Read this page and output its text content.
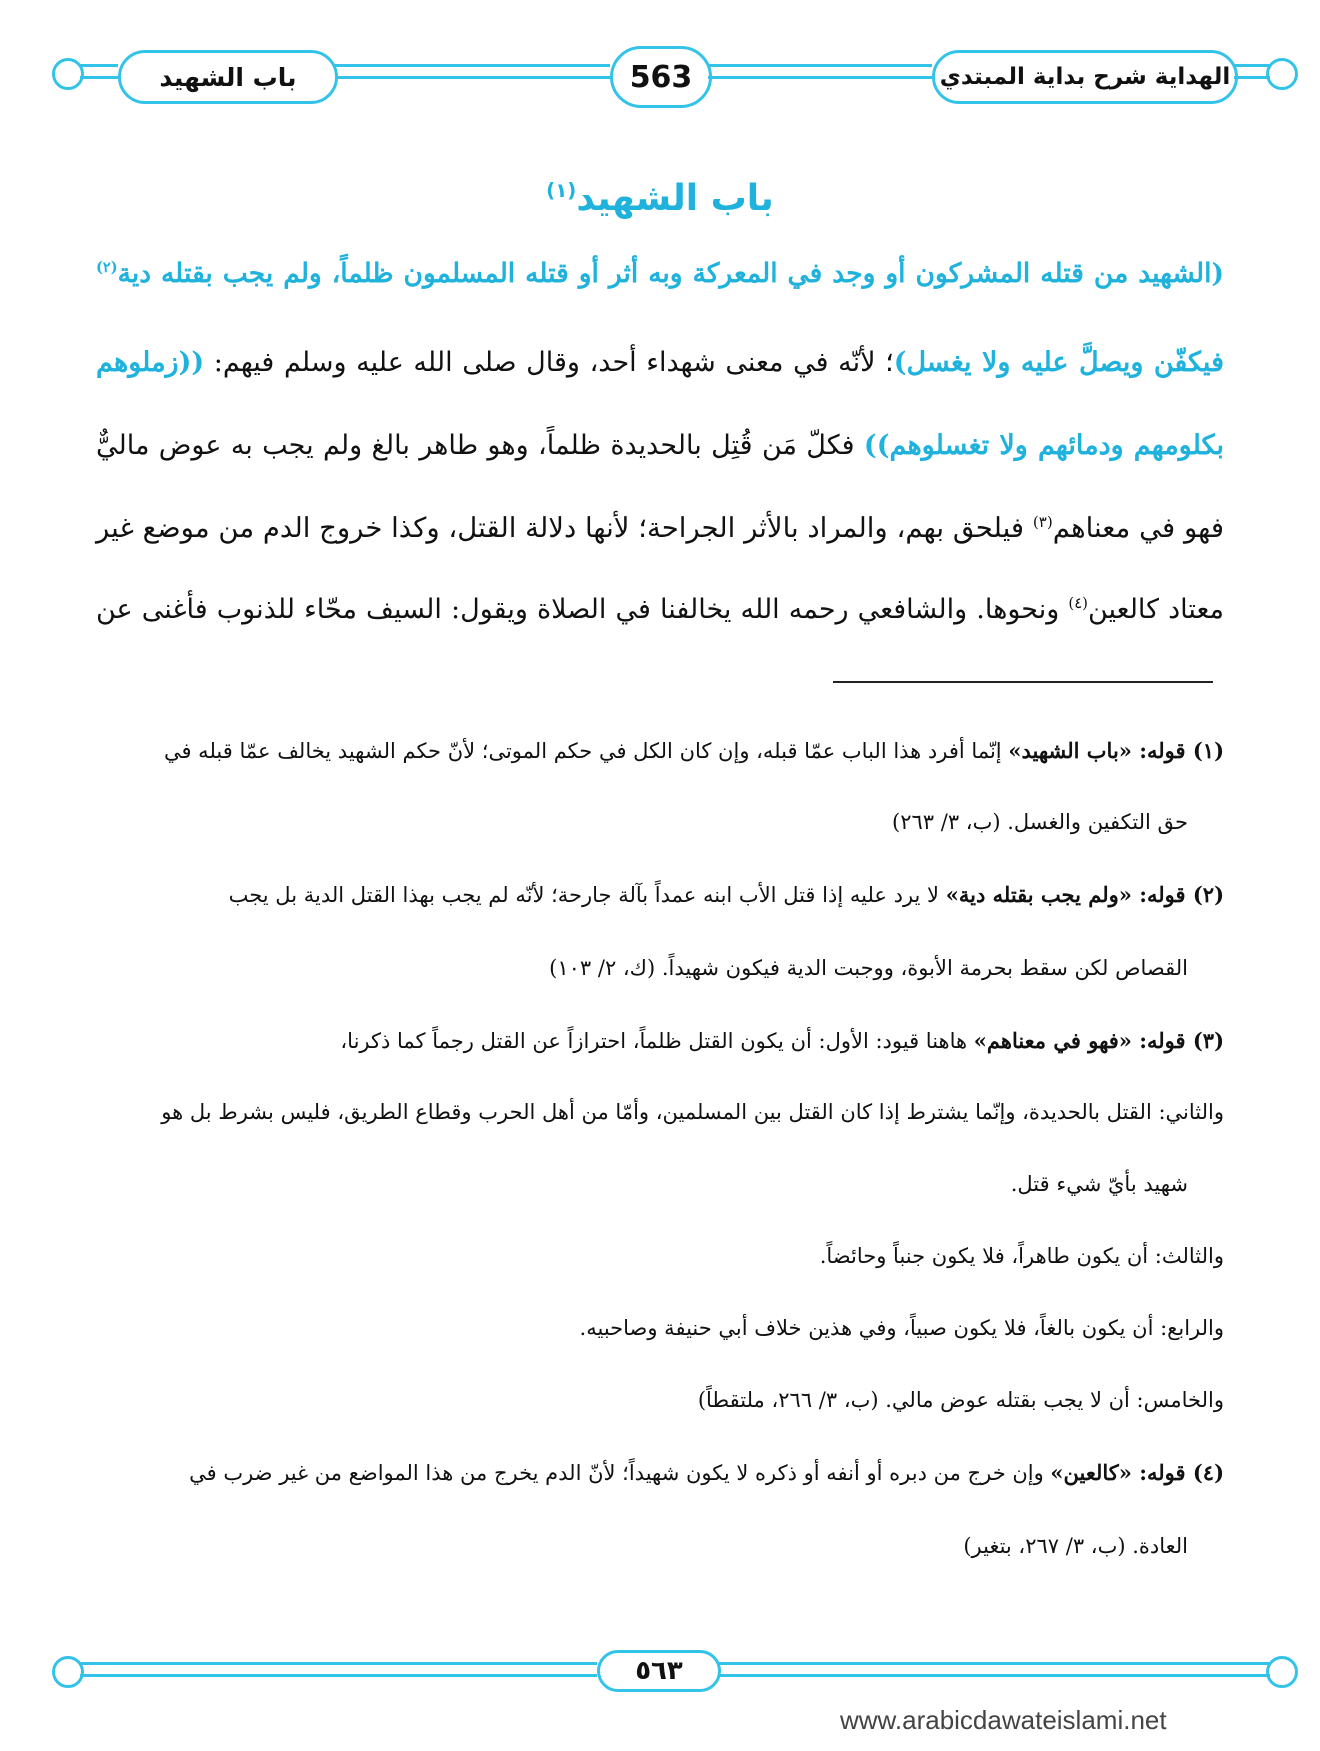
باب الشهيد	563	الهداية شرح بداية المبتدي
باب الشهيد$^{(١)}$
(الشهيد من قتله المشركون أو وجد في المعركة وبه أثر أو قتله المسلمون ظلماً، ولم يجب بقتله دية$^{(٢)}$
فيكفّن ويصلَّ عليه ولا يغسل)؛ لأنّه في معنى شهداء أحد، وقال صلى الله عليه وسلم فيهم: ((زملوهم
بكلومهم ودمائهم ولا تغسلوهم)) فكلّ مَن قُتِل بالحديدة ظلماً، وهو طاهر بالغ ولم يجب به عوض ماليٌّ
فهو في معناهم$^{(٣)}$ فيلحق بهم، والمراد بالأثر الجراحة؛ لأنها دلالة القتل، وكذا خروج الدم من موضع غير
معتاد كالعين$^{(٤)}$ ونحوها. والشافعي رحمه الله يخالفنا في الصلاة ويقول: السيف محّاء للذنوب فأغنى عن
(١) قوله: «باب الشهيد» إنّما أفرد هذا الباب عمّا قبله، وإن كان الكل في حكم الموتى؛ لأنّ حكم الشهيد يخالف عمّا قبله في
حق التكفين والغسل. (ب، ٣/ ٢٦٣)
(٢) قوله: «ولم يجب بقتله دية» لا يرد عليه إذا قتل الأب ابنه عمداً بآلة جارحة؛ لأنّه لم يجب بهذا القتل الدية بل يجب
القصاص لكن سقط بحرمة الأبوة، ووجبت الدية فيكون شهيداً. (ك، ٢/ ١٠٣)
(٣) قوله: «فهو في معناهم» هاهنا قيود: الأول: أن يكون القتل ظلماً، احترازاً عن القتل رجماً كما ذكرنا،
والثاني: القتل بالحديدة، وإنّما يشترط إذا كان القتل بين المسلمين، وأمّا من أهل الحرب وقطاع الطريق، فليس بشرط بل هو
شهيد بأيّ شيء قتل.
والثالث: أن يكون طاهراً، فلا يكون جنباً وحائضاً.
والرابع: أن يكون بالغاً، فلا يكون صبياً، وفي هذين خلاف أبي حنيفة وصاحبيه.
والخامس: أن لا يجب بقتله عوض مالي. (ب، ٣/ ٢٦٦، ملتقطاً)
(٤) قوله: «كالعين» وإن خرج من دبره أو أنفه أو ذكره لا يكون شهيداً؛ لأنّ الدم يخرج من هذا المواضع من غير ضرب في
العادة. (ب، ٣/ ٢٦٧، بتغير)
٥٦٣
www.arabicdawateislami.net
